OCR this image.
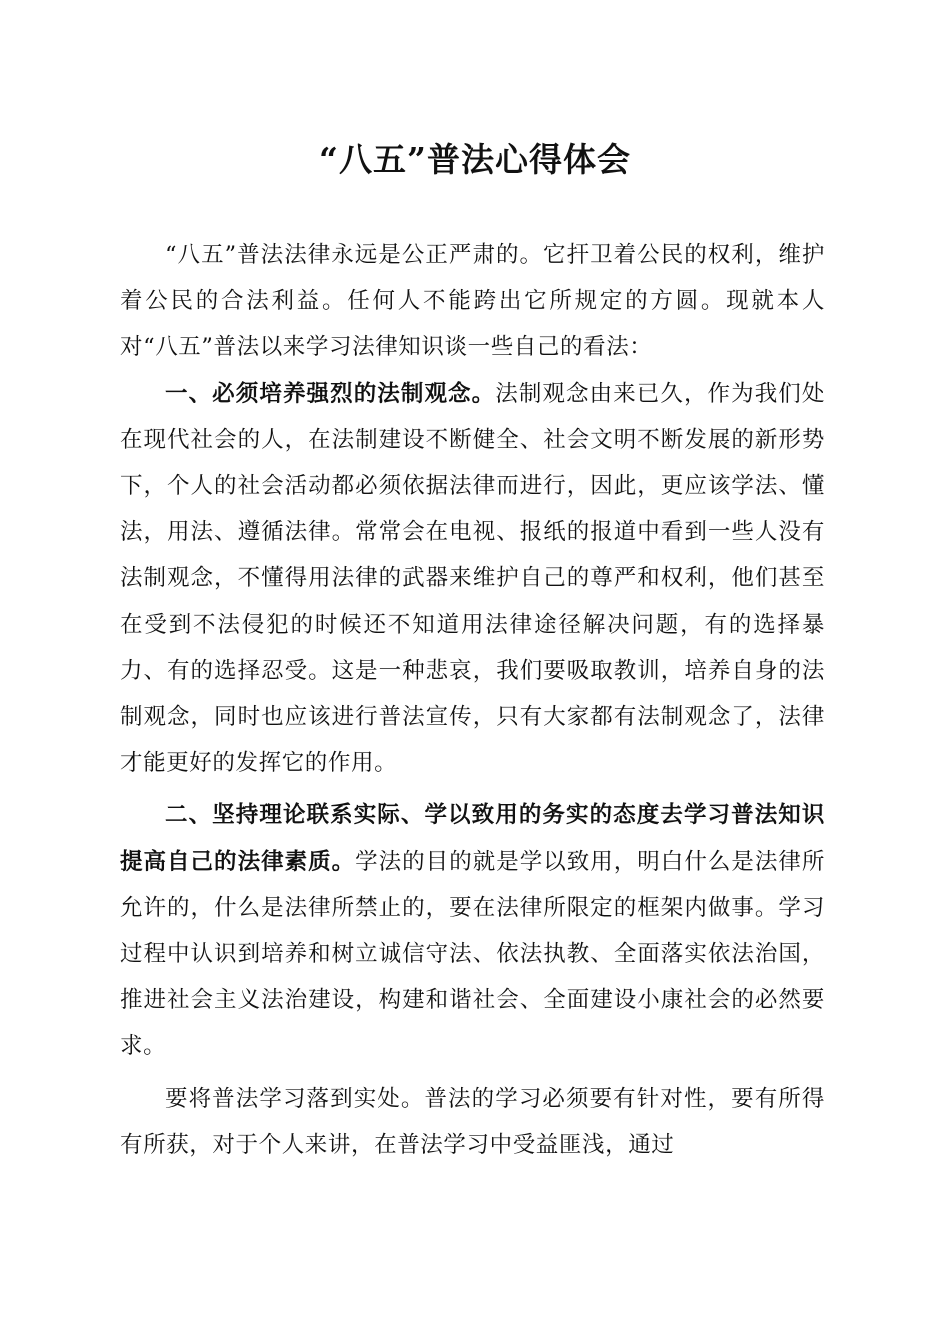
“八五”普法心得体会

“八五”普法法律永远是公正严肃的。它扞卫着公民的权利，维护着公民的合法利益。任何人不能跨出它所规定的方圆。现就本人对“八五”普法以来学习法律知识谈一些自己的看法：

一、必须培养强烈的法制观念。法制观念由来已久，作为我们处在现代社会的人，在法制建设不断健全、社会文明不断发展的新形势下，个人的社会活动都必须依据法律而进行，因此，更应该学法、懂法，用法、遵循法律。常常会在电视、报纸的报道中看到一些人没有法制观念，不懂得用法律的武器来维护自己的尊严和权利，他们甚至在受到不法侵犯的时候还不知道用法律途径解决问题，有的选择暴力、有的选择忍受。这是一种悲哀，我们要吸取教训，培养自身的法制观念，同时也应该进行普法宣传，只有大家都有法制观念了，法律才能更好的发挥它的作用。

二、坚持理论联系实际、学以致用的务实的态度去学习普法知识提高自己的法律素质。学法的目的就是学以致用，明白什么是法律所允许的，什么是法律所禁止的，要在法律所限定的框架内做事。学习过程中认识到培养和树立诚信守法、依法执教、全面落实依法治国，推进社会主义法治建设，构建和谐社会、全面建设小康社会的必然要求。

要将普法学习落到实处。普法的学习必须要有针对性，要有所得有所获，对于个人来讲，在普法学习中受益匪浅，通过
